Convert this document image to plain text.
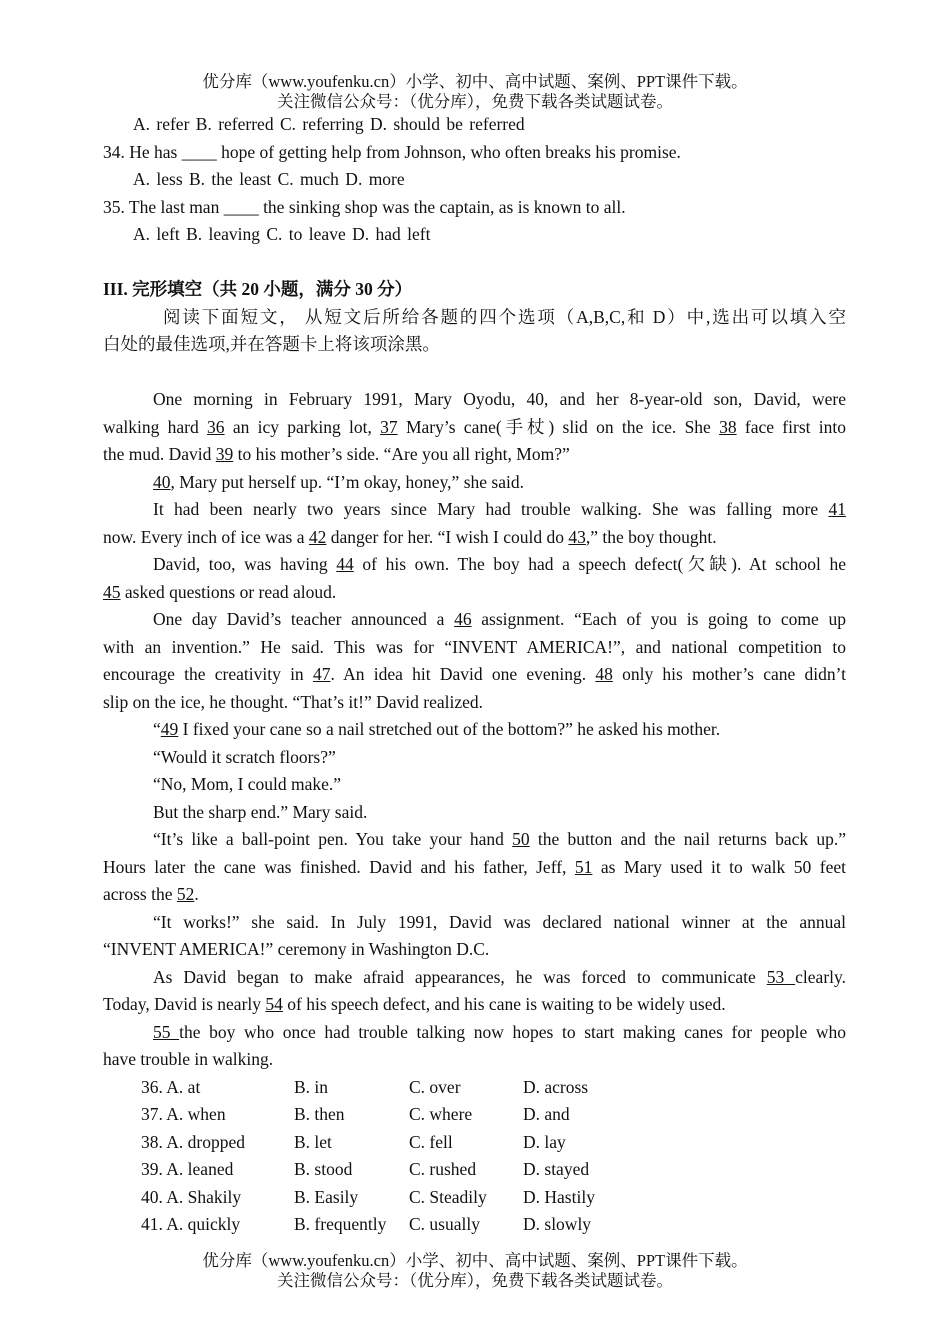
优分库（www.youfenku.cn）小学、初中、高中试题、案例、PPT课件下载。
关注微信公众号：（优分库），免费下载各类试题试卷。
A. refer B. referred C. referring D. should be referred
34. He has ____ hope of getting help from Johnson, who often breaks his promise.
A. less B. the least C. much D. more
35. The last man ____ the sinking shop was the captain, as is known to all.
A. left B. leaving C. to leave D. had left
III. 完形填空（共 20 小题，满分 30 分）
阅读下面短文， 从短文后所给各题的四个选项（A,B,C,和 D）中,选出可以填入空
白处的最佳选项,并在答题卡上将该项涂黑。
One morning in February 1991, Mary Oyodu, 40, and her 8-year-old son, David, were
walking hard 36 an icy parking lot, 37 Mary’s cane(手杖) slid on the ice. She 38 face first into
the mud. David 39 to his mother’s side. “Are you all right, Mom?”
40, Mary put herself up. “I’m okay, honey,” she said.
It had been nearly two years since Mary had trouble walking. She was falling more 41
now. Every inch of ice was a 42 danger for her. “I wish I could do 43,” the boy thought.
David, too, was having 44 of his own. The boy had a speech defect(欠缺). At school he
45 asked questions or read aloud.
One day David’s teacher announced a 46 assignment. “Each of you is going to come up
with an invention.” He said. This was for “INVENT AMERICA!”, and national competition to
encourage the creativity in 47. An idea hit David one evening. 48 only his mother’s cane didn’t
slip on the ice, he thought. “That’s it!” David realized.
“49 I fixed your cane so a nail stretched out of the bottom?” he asked his mother.
“Would it scratch floors?”
“No, Mom, I could make.”
But the sharp end.” Mary said.
“It’s like a ball-point pen. You take your hand 50 the button and the nail returns back up.”
Hours later the cane was finished. David and his father, Jeff, 51 as Mary used it to walk 50 feet
across the 52.
“It works!” she said. In July 1991, David was declared national winner at the annual
“INVENT AMERICA!” ceremony in Washington D.C.
As David began to make afraid appearances, he was forced to communicate 53 clearly.
Today, David is nearly 54 of his speech defect, and his cane is waiting to be widely used.
55 the boy who once had trouble talking now hopes to start making canes for people who
have trouble in walking.
36. A. at	B. in	C. over	D. across
37. A. when	B. then	C. where	D. and
38. A. dropped	B. let	C. fell	D. lay
39. A. leaned	B. stood	C. rushed	D. stayed
40. A. Shakily	B. Easily	C. Steadily D. Hastily
41. A. quickly	B. frequently C. usually D. slowly
优分库（www.youfenku.cn）小学、初中、高中试题、案例、PPT课件下载。
关注微信公众号：（优分库），免费下载各类试题试卷。
